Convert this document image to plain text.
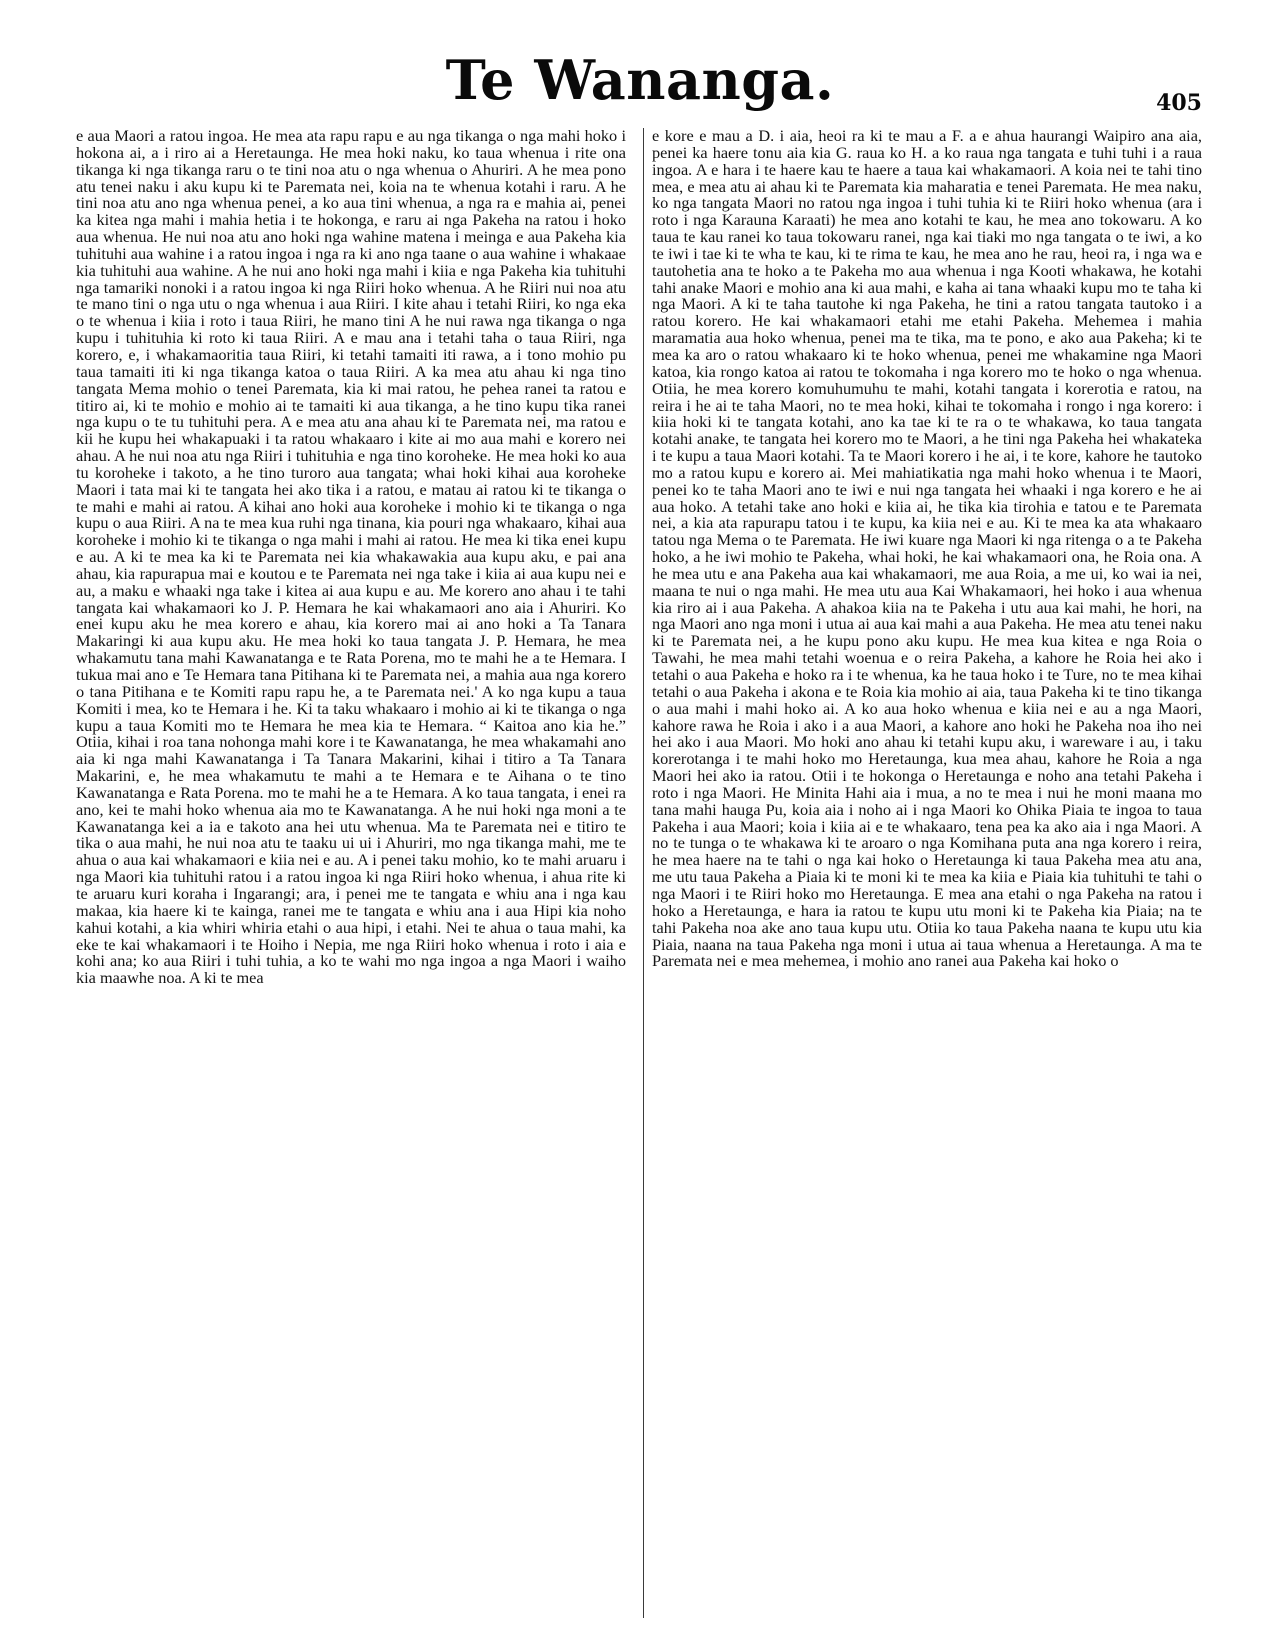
Te Wananga.	405
e aua Maori a ratou ingoa. He mea ata rapu rapu e au nga tikanga o nga mahi hoko i hokona ai, a i riro ai a Heretaunga. He mea hoki naku, ko taua whenua i rite ona tikanga ki nga tikanga raru o te tini noa atu o nga whenua o Ahuriri. A he mea pono atu tenei naku i aku kupu ki te Paremata nei, koia na te whenua kotahi i raru. A he tini noa atu ano nga whenua penei, a ko aua tini whenua, a nga ra e mahia ai, penei ka kitea nga mahi i mahia hetia i te hokonga, e raru ai nga Pakeha na ratou i hoko aua whenua. He nui noa atu ano hoki nga wahine matena i meinga e aua Pakeha kia tuhituhi aua wahine i a ratou ingoa i nga ra ki ano nga taane o aua wahine i whakaae kia tuhituhi aua wahine. A he nui ano hoki nga mahi i kiia e nga Pakeha kia tuhituhi nga tamariki nonoki i a ratou ingoa ki nga Riiri hoko whenua. A he Riiri nui noa atu te mano tini o nga utu o nga whenua i aua Riiri. I kite ahau i tetahi Riiri, ko nga eka o te whenua i kiia i roto i taua Riiri, he mano tini A he nui rawa nga tikanga o nga kupu i tuhituhia ki roto ki taua Riiri. A e mau ana i tetahi taha o taua Riiri, nga korero, e, i whakamaoritia taua Riiri, ki tetahi tamaiti iti rawa, a i tono mohio pu taua tamaiti iti ki nga tikanga katoa o taua Riiri. A ka mea atu ahau ki nga tino tangata Mema mohio o tenei Paremata, kia ki mai ratou, he pehea ranei ta ratou e titiro ai, ki te mohio e mohio ai te tamaiti ki aua tikanga, a he tino kupu tika ranei nga kupu o te tu tuhituhi pera. A e mea atu ana ahau ki te Paremata nei, ma ratou e kii he kupu hei whakapuaki i ta ratou whakaaro i kite ai mo aua mahi e korero nei ahau. A he nui noa atu nga Riiri i tuhituhia e nga tino koroheke. He mea hoki ko aua tu koroheke i takoto, a he tino turoro aua tangata; whai hoki kihai aua koroheke Maori i tata mai ki te tangata hei ako tika i a ratou, e matau ai ratou ki te tikanga o te mahi e mahi ai ratou. A kihai ano hoki aua koroheke i mohio ki te tikanga o nga kupu o aua Riiri. A na te mea kua ruhi nga tinana, kia pouri nga whakaaro, kihai aua koroheke i mohio ki te tikanga o nga mahi i mahi ai ratou. He mea ki tika enei kupu e au. A ki te mea ka ki te Paremata nei kia whakawakia aua kupu aku, e pai ana ahau, kia rapurapua mai e koutou e te Paremata nei nga take i kiia ai aua kupu nei e au, a maku e whaaki nga take i kitea ai aua kupu e au. Me korero ano ahau i te tahi tangata kai whakamaori ko J. P. Hemara he kai whakamaori ano aia i Ahuriri. Ko enei kupu aku he mea korero e ahau, kia korero mai ai ano hoki a Ta Tanara Makaringi ki aua kupu aku. He mea hoki ko taua tangata J. P. Hemara, he mea whakamutu tana mahi Kawanatanga e te Rata Porena, mo te mahi he a te Hemara. I tukua mai ano e Te Hemara tana Pitihana ki te Paremata nei, a mahia aua nga korero o tana Pitihana e te Komiti rapu rapu he, a te Paremata nei.' A ko nga kupu a taua Komiti i mea, ko te Hemara i he. Ki ta taku whakaaro i mohio ai ki te tikanga o nga kupu a taua Komiti mo te Hemara he mea kia te Hemara. “ Kaitoa ano kia he.” Otiia, kihai i roa tana nohonga mahi kore i te Kawanatanga, he mea whakamahi ano aia ki nga mahi Kawanatanga i Ta Tanara Makarini, kihai i titiro a Ta Tanara Makarini, e, he mea whakamutu te mahi a te Hemara e te Aihana o te tino Kawanatanga e Rata Porena. mo te mahi he a te Hemara. A ko taua tangata, i enei ra ano, kei te mahi hoko whenua aia mo te Kawanatanga. A he nui hoki nga moni a te Kawanatanga kei a ia e takoto ana hei utu whenua. Ma te Paremata nei e titiro te tika o aua mahi, he nui noa atu te taaku ui ui i Ahuriri, mo nga tikanga mahi, me te ahua o aua kai whakamaori e kiia nei e au. A i penei taku mohio, ko te mahi aruaru i nga Maori kia tuhituhi ratou i a ratou ingoa ki nga Riiri hoko whenua, i ahua rite ki te aruaru kuri koraha i Ingarangi; ara, i penei me te tangata e whiu ana i nga kau makaa, kia haere ki te kainga, ranei me te tangata e whiu ana i aua Hipi kia noho kahui kotahi, a kia whiri whiria etahi o aua hipi, i etahi. Nei te ahua o taua mahi, ka eke te kai whakamaori i te Hoiho i Nepia, me nga Riiri hoko whenua i roto i aia e kohi ana; ko aua Riiri i tuhi tuhia, a ko te wahi mo nga ingoa a nga Maori i waiho kia maawhe noa. A ki te mea
e kore e mau a D. i aia, heoi ra ki te mau a F. a e ahua haurangi Waipiro ana aia, penei ka haere tonu aia kia G. raua ko H. a ko raua nga tangata e tuhi tuhi i a raua ingoa. A e hara i te haere kau te haere a taua kai whakamaori. A koia nei te tahi tino mea, e mea atu ai ahau ki te Paremata kia maharatia e tenei Paremata. He mea naku, ko nga tangata Maori no ratou nga ingoa i tuhi tuhia ki te Riiri hoko whenua (ara i roto i nga Karauna Karaati) he mea ano kotahi te kau, he mea ano tokowaru. A ko taua te kau ranei ko taua tokowaru ranei, nga kai tiaki mo nga tangata o te iwi, a ko te iwi i tae ki te wha te kau, ki te rima te kau, he mea ano he rau, heoi ra, i nga wa e tautohetia ana te hoko a te Pakeha mo aua whenua i nga Kooti whakawa, he kotahi tahi anake Maori e mohio ana ki aua mahi, e kaha ai tana whaaki kupu mo te taha ki nga Maori. A ki te taha tautohe ki nga Pakeha, he tini a ratou tangata tautoko i a ratou korero. He kai whakamaori etahi me etahi Pakeha. Mehemea i mahia maramatia aua hoko whenua, penei ma te tika, ma te pono, e ako aua Pakeha; ki te mea ka aro o ratou whakaaro ki te hoko whenua, penei me whakamine nga Maori katoa, kia rongo katoa ai ratou te tokomaha i nga korero mo te hoko o nga whenua. Otiia, he mea korero komuhumuhu te mahi, kotahi tangata i korerotia e ratou, na reira i he ai te taha Maori, no te mea hoki, kihai te tokomaha i rongo i nga korero: i kiia hoki ki te tangata kotahi, ano ka tae ki te ra o te whakawa, ko taua tangata kotahi anake, te tangata hei korero mo te Maori, a he tini nga Pakeha hei whakateka i te kupu a taua Maori kotahi. Ta te Maori korero i he ai, i te kore, kahore he tautoko mo a ratou kupu e korero ai. Mei mahiatikatia nga mahi hoko whenua i te Maori, penei ko te taha Maori ano te iwi e nui nga tangata hei whaaki i nga korero e he ai aua hoko. A tetahi take ano hoki e kiia ai, he tika kia tirohia e tatou e te Paremata nei, a kia ata rapurapu tatou i te kupu, ka kiia nei e au. Ki te mea ka ata whakaaro tatou nga Mema o te Paremata. He iwi kuare nga Maori ki nga ritenga o a te Pakeha hoko, a he iwi mohio te Pakeha, whai hoki, he kai whakamaori ona, he Roia ona. A he mea utu e ana Pakeha aua kai whakamaori, me aua Roia, a me ui, ko wai ia nei, maana te nui o nga mahi. He mea utu aua Kai Whakamaori, hei hoko i aua whenua kia riro ai i aua Pakeha. A ahakoa kiia na te Pakeha i utu aua kai mahi, he hori, na nga Maori ano nga moni i utua ai aua kai mahi a aua Pakeha. He mea atu tenei naku ki te Paremata nei, a he kupu pono aku kupu. He mea kua kitea e nga Roia o Tawahi, he mea mahi tetahi woenua e o reira Pakeha, a kahore he Roia hei ako i tetahi o aua Pakeha e hoko ra i te whenua, ka he taua hoko i te Ture, no te mea kihai tetahi o aua Pakeha i akona e te Roia kia mohio ai aia, taua Pakeha ki te tino tikanga o aua mahi i mahi hoko ai. A ko aua hoko whenua e kiia nei e au a nga Maori, kahore rawa he Roia i ako i a aua Maori, a kahore ano hoki he Pakeha noa iho nei hei ako i aua Maori. Mo hoki ano ahau ki tetahi kupu aku, i wareware i au, i taku korerotanga i te mahi hoko mo Heretaunga, kua mea ahau, kahore he Roia a nga Maori hei ako ia ratou. Otii i te hokonga o Heretaunga e noho ana tetahi Pakeha i roto i nga Maori. He Minita Hahi aia i mua, a no te mea i nui he moni maana mo tana mahi hauga Pu, koia aia i noho ai i nga Maori ko Ohika Piaia te ingoa to taua Pakeha i aua Maori; koia i kiia ai e te whakaaro, tena pea ka ako aia i nga Maori. A no te tunga o te whakawa ki te aroaro o nga Komihana puta ana nga korero i reira, he mea haere na te tahi o nga kai hoko o Heretaunga ki taua Pakeha mea atu ana, me utu taua Pakeha a Piaia ki te moni ki te mea ka kiia e Piaia kia tuhituhi te tahi o nga Maori i te Riiri hoko mo Heretaunga. E mea ana etahi o nga Pakeha na ratou i hoko a Heretaunga, e hara ia ratou te kupu utu moni ki te Pakeha kia Piaia; na te tahi Pakeha noa ake ano taua kupu utu. Otiia ko taua Pakeha naana te kupu utu kia Piaia, naana na taua Pakeha nga moni i utua ai taua whenua a Heretaunga. A ma te Paremata nei e mea mehemea, i mohio ano ranei aua Pakeha kai hoko o
